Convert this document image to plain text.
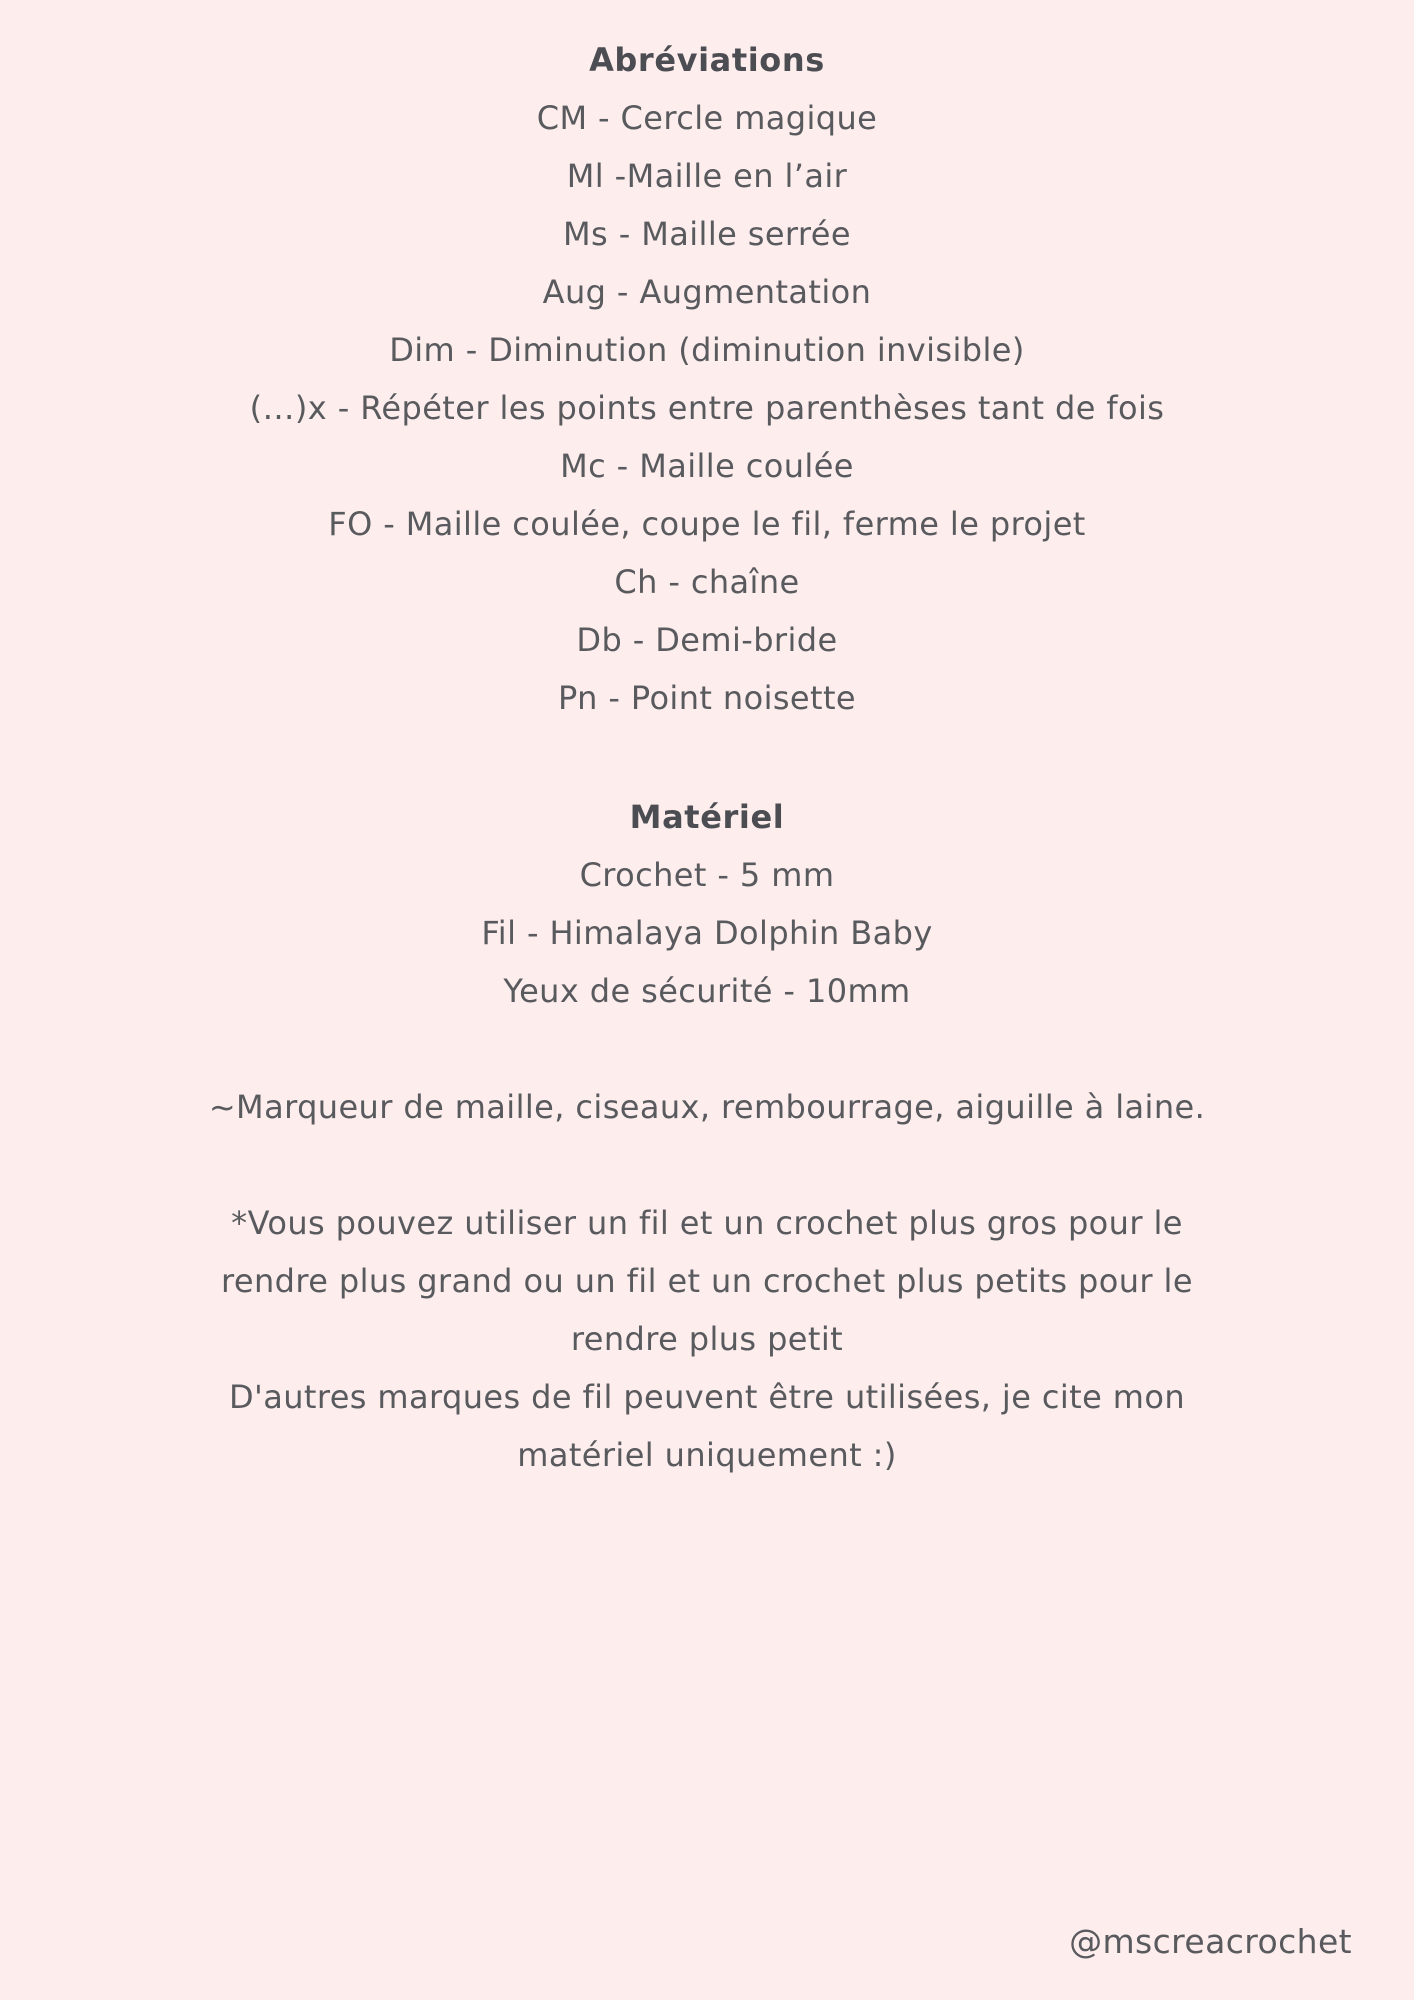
Abréviations
CM - Cercle magique
Ml -Maille en l’air
Ms - Maille serrée
Aug - Augmentation
Dim - Diminution (diminution invisible)
(…)x - Répéter les points entre parenthèses tant de fois
Mc - Maille coulée
FO - Maille coulée, coupe le fil, ferme le projet
Ch - chaîne
Db - Demi-bride
Pn - Point noisette
Matériel
Crochet - 5 mm
Fil - Himalaya Dolphin Baby
Yeux de sécurité - 10mm
~Marqueur de maille, ciseaux, rembourrage, aiguille à laine.
*Vous pouvez utiliser un fil et un crochet plus gros pour le
rendre plus grand ou un fil et un crochet plus petits pour le
rendre plus petit
D'autres marques de fil peuvent être utilisées, je cite mon
matériel uniquement :)
@mscreacrochet
